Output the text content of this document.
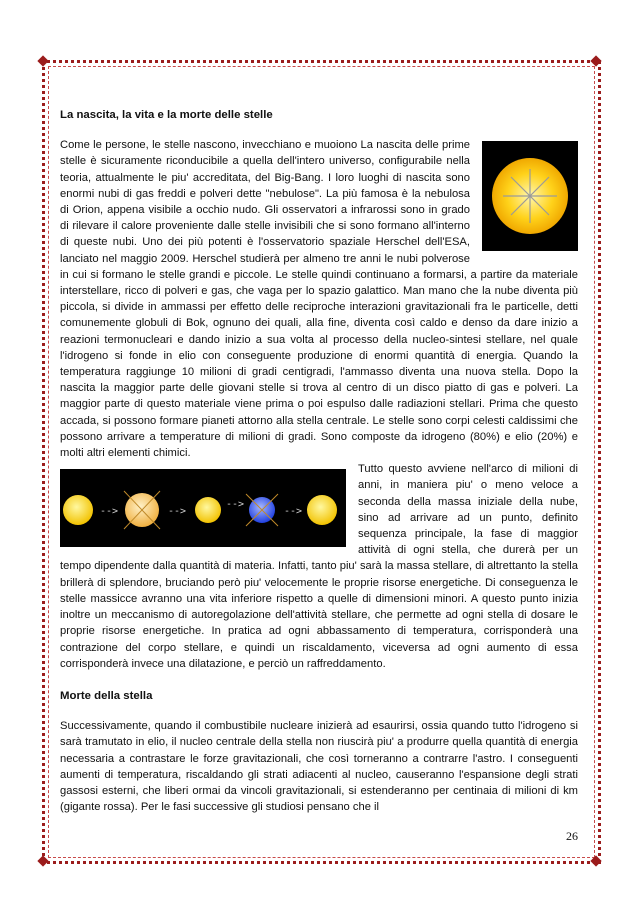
La nascita, la vita e la morte delle stelle

Come le persone, le stelle nascono, invecchiano e muoiono La nascita delle prime stelle è sicuramente riconducibile a quella dell'intero universo, configurabile nella teoria, attualmente le piu' accreditata, del Big-Bang. I loro luoghi di nascita sono enormi nubi di gas freddi e polveri dette "nebulose". La più famosa è la nebulosa di Orion, appena visibile a occhio nudo. Gli osservatori a infrarossi sono in grado di rilevare il calore proveniente dalle stelle invisibili che si sono formano all'interno di queste nubi. Uno dei più potenti è l'osservatorio spaziale Herschel dell'ESA, lanciato nel maggio 2009. Herschel studierà per almeno tre anni le nubi polverose in cui si formano le stelle grandi e piccole. Le stelle quindi continuano a formarsi, a partire da materiale interstellare, ricco di polveri e gas, che vaga per lo spazio galattico. Man mano che la nube diventa più piccola, si divide in ammassi per effetto delle reciproche interazioni gravitazionali fra le particelle, detti comunemente globuli di Bok, ognuno dei quali, alla fine, diventa così caldo e denso da dare inizio a reazioni termonucleari e dando inizio a sua volta al processo della nucleo-sintesi stellare, nel quale l'idrogeno si fonde in elio con conseguente produzione di enormi quantità di energia. Quando la temperatura raggiunge 10 milioni di gradi centigradi, l'ammasso diventa una nuova stella. Dopo la nascita la maggior parte delle giovani stelle si trova al centro di un disco piatto di gas e polveri. La maggior parte di questo materiale viene prima o poi espulso dalle radiazioni stellari. Prima che questo accada, si possono formare pianeti attorno alla stella centrale. Le stelle sono corpi celesti caldissimi che possono arrivare a temperature di milioni di gradi. Sono composte da idrogeno (80%) e elio (20%) e molti altri elementi chimici.

-->	-->
-->
-->

Tutto questo avviene nell'arco di milioni di anni, in maniera piu' o meno veloce a seconda della massa iniziale della nube, sino ad arrivare ad un punto, definito sequenza principale, la fase di maggior attività di ogni stella, che durerà per un tempo dipendente dalla quantità di materia. Infatti, tanto piu' sarà la massa stellare, di altrettanto la stella brillerà di splendore, bruciando però piu' velocemente le proprie risorse energetiche. Di conseguenza le stelle massicce avranno una vita inferiore rispetto a quelle di dimensioni minori. A questo punto inizia inoltre un meccanismo di autoregolazione dell'attività stellare, che permette ad ogni stella di dosare le proprie risorse energetiche. In pratica ad ogni abbassamento di temperatura, corrisponderà una contrazione del corpo stellare, e quindi un riscaldamento, viceversa ad ogni aumento di essa corrisponderà invece una dilatazione, e perciò un raffreddamento.

Morte della stella

Successivamente, quando il combustibile nucleare inizierà ad esaurirsi, ossia quando tutto l'idrogeno si sarà tramutato in elio, il nucleo centrale della stella non riuscirà piu' a produrre quella quantità di energia necessaria a contrastare le forze gravitazionali, che così torneranno a contrarre l'astro. I conseguenti aumenti di temperatura, riscaldando gli strati adiacenti al nucleo, causeranno l'espansione degli strati gassosi esterni, che liberi ormai da vincoli gravitazionali, si estenderanno per centinaia di milioni di km (gigante rossa). Per le fasi successive gli studiosi pensano che il

26
